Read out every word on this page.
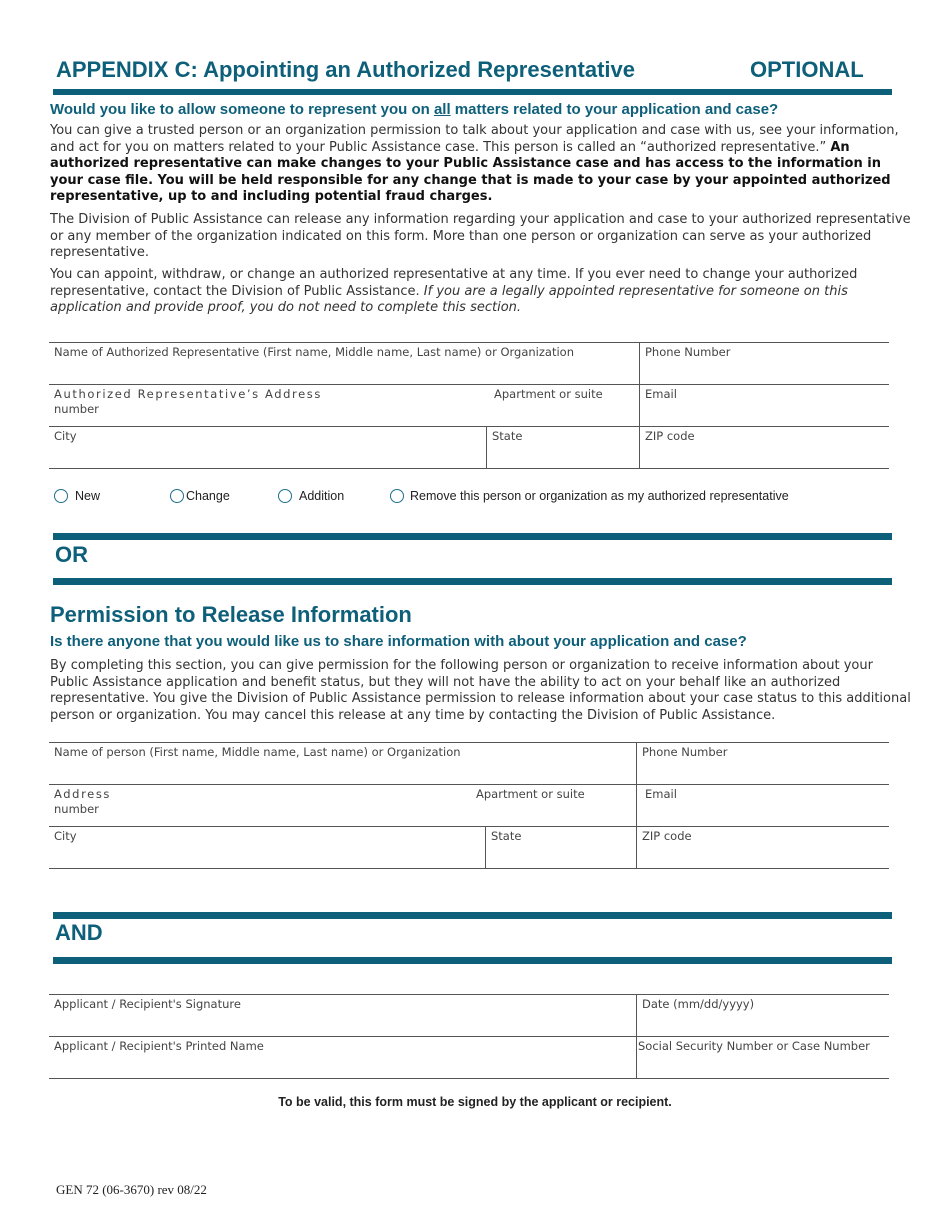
APPENDIX C: Appointing an Authorized Representative	OPTIONAL
Would you like to allow someone to represent you on all matters related to your application and case?
You can give a trusted person or an organization permission to talk about your application and case with us, see your information, and act for you on matters related to your Public Assistance case. This person is called an “authorized representative.” An authorized representative can make changes to your Public Assistance case and has access to the information in your case file. You will be held responsible for any change that is made to your case by your appointed authorized representative, up to and including potential fraud charges.
The Division of Public Assistance can release any information regarding your application and case to your authorized representative or any member of the organization indicated on this form. More than one person or organization can serve as your authorized representative.
You can appoint, withdraw, or change an authorized representative at any time. If you ever need to change your authorized representative, contact the Division of Public Assistance. If you are a legally appointed representative for someone on this application and provide proof, you do not need to complete this section.
Name of Authorized Representative (First name, Middle name, Last name) or Organization	Phone Number
Authorized Representative’s Address
number
Apartment or suite	Email
City	State	ZIP code
New	Change	Addition	Remove this person or organization as my authorized representative
OR
Permission to Release Information
Is there anyone that you would like us to share information with about your application and case?
By completing this section, you can give permission for the following person or organization to receive information about your Public Assistance application and benefit status, but they will not have the ability to act on your behalf like an authorized representative. You give the Division of Public Assistance permission to release information about your case status to this additional person or organization. You may cancel this release at any time by contacting the Division of Public Assistance.
Name of person (First name, Middle name, Last name) or Organization	Phone Number
Address
number
Apartment or suite	Email
City	State	ZIP code
AND
Applicant / Recipient's Signature	Date (mm/dd/yyyy)
Applicant / Recipient's Printed Name	Social Security Number or Case Number
To be valid, this form must be signed by the applicant or recipient.
GEN 72 (06-3670) rev 08/22
